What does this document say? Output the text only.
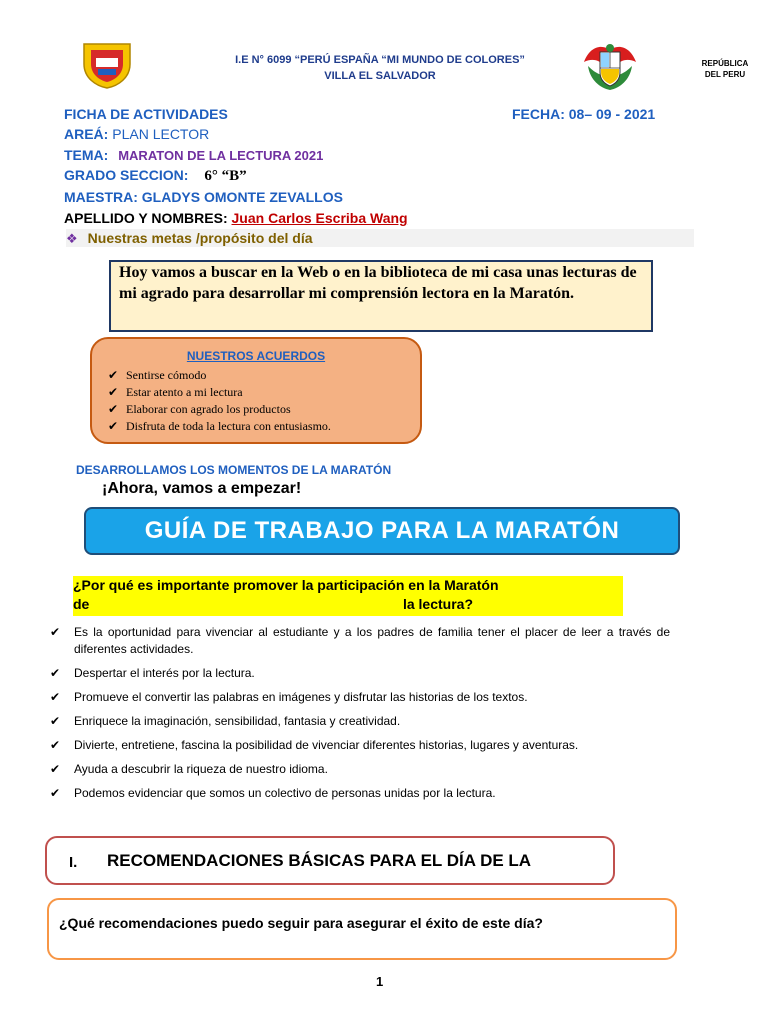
I.E N° 6099 “PERÚ ESPAÑA “MI MUNDO DE COLORES”
VILLA EL SALVADOR
REPÚBLICA
DEL PERU
FICHA DE ACTIVIDADES	FECHA: 08– 09 - 2021
AREÁ: PLAN LECTOR
TEMA: MARATON DE LA LECTURA 2021
GRADO SECCION: 6° “B”
MAESTRA: GLADYS OMONTE ZEVALLOS
APELLIDO Y NOMBRES: Juan Carlos Escriba Wang
❖ Nuestras metas /propósito del día

Hoy vamos a buscar en la Web o en la biblioteca de mi casa unas lecturas de mi agrado para desarrollar mi comprensión lectora en la Maratón.

NUESTROS ACUERDOS
✔ Sentirse cómodo
✔ Estar atento a mi lectura
✔ Elaborar con agrado los productos
✔ Disfruta de toda la lectura con entusiasmo.
DESARROLLAMOS LOS MOMENTOS DE LA MARATÓN
¡Ahora, vamos a empezar!
GUÍA DE TRABAJO PARA LA MARATÓN
¿Por qué es importante promover la participación en la Maratón
de	la lectura?
✔ Es la oportunidad para vivenciar al estudiante y a los padres de familia tener el placer de leer a través de diferentes actividades.
✔ Despertar el interés por la lectura.
✔ Promueve el convertir las palabras en imágenes y disfrutar las historias de los textos.
✔ Enriquece la imaginación, sensibilidad, fantasia y creatividad.
✔ Divierte, entretiene, fascina la posibilidad de vivenciar diferentes historias, lugares y aventuras.
✔ Ayuda a descubrir la riqueza de nuestro idioma.
✔ Podemos evidenciar que somos un colectivo de personas unidas por la lectura.
I. RECOMENDACIONES BÁSICAS PARA EL DÍA DE LA
¿Qué recomendaciones puedo seguir para asegurar el éxito de este día?
1
